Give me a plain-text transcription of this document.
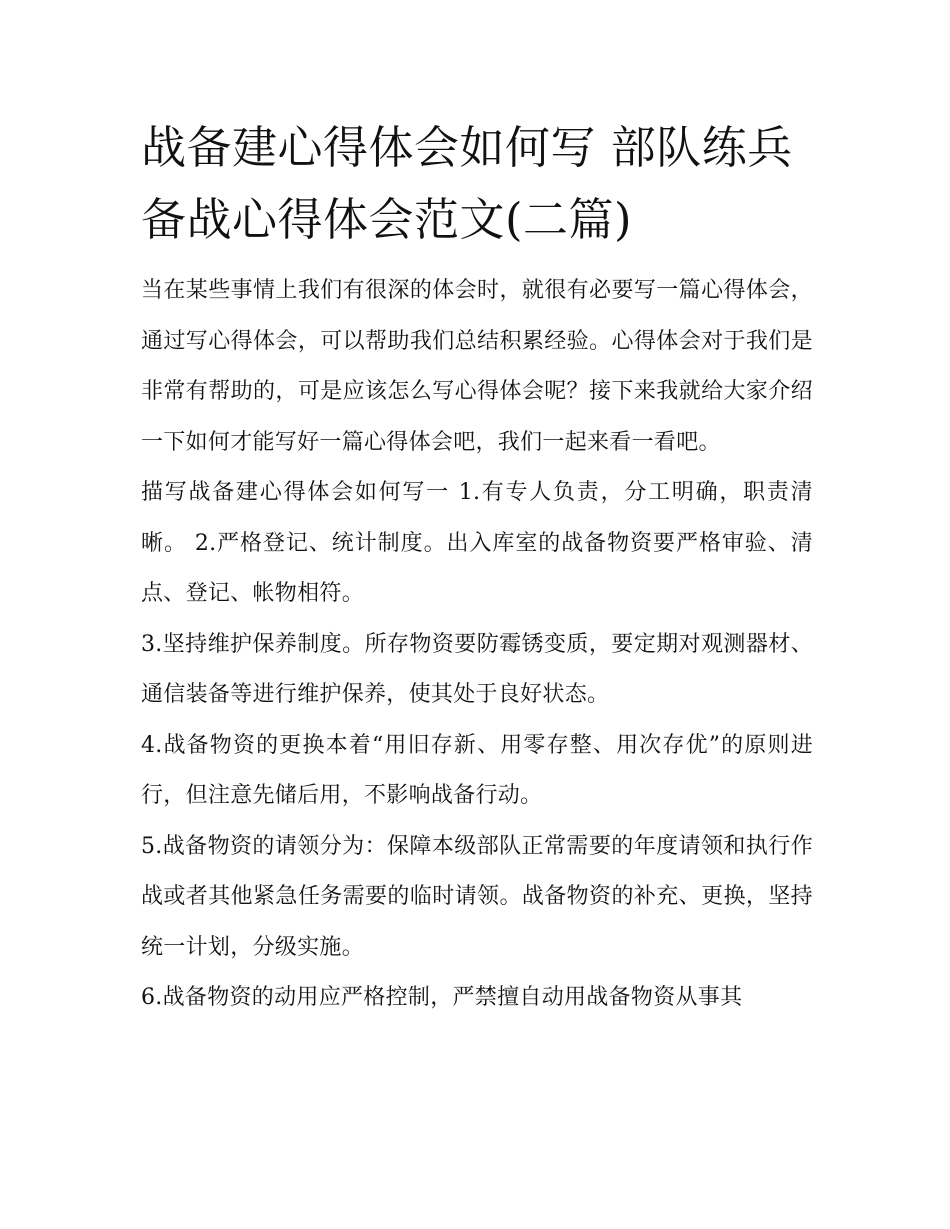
战备建心得体会如何写 部队练兵备战心得体会范文(二篇)

当在某些事情上我们有很深的体会时，就很有必要写一篇心得体会，通过写心得体会，可以帮助我们总结积累经验。心得体会对于我们是非常有帮助的，可是应该怎么写心得体会呢？接下来我就给大家介绍一下如何才能写好一篇心得体会吧，我们一起来看一看吧。

描写战备建心得体会如何写一 1.有专人负责，分工明确，职责清晰。 2.严格登记、统计制度。出入库室的战备物资要严格审验、清点、登记、帐物相符。

3.坚持维护保养制度。所存物资要防霉锈变质，要定期对观测器材、通信装备等进行维护保养，使其处于良好状态。

4.战备物资的更换本着“用旧存新、用零存整、用次存优”的原则进行，但注意先储后用，不影响战备行动。

5.战备物资的请领分为：保障本级部队正常需要的年度请领和执行作战或者其他紧急任务需要的临时请领。战备物资的补充、更换，坚持统一计划，分级实施。

6.战备物资的动用应严格控制，严禁擅自动用战备物资从事其
